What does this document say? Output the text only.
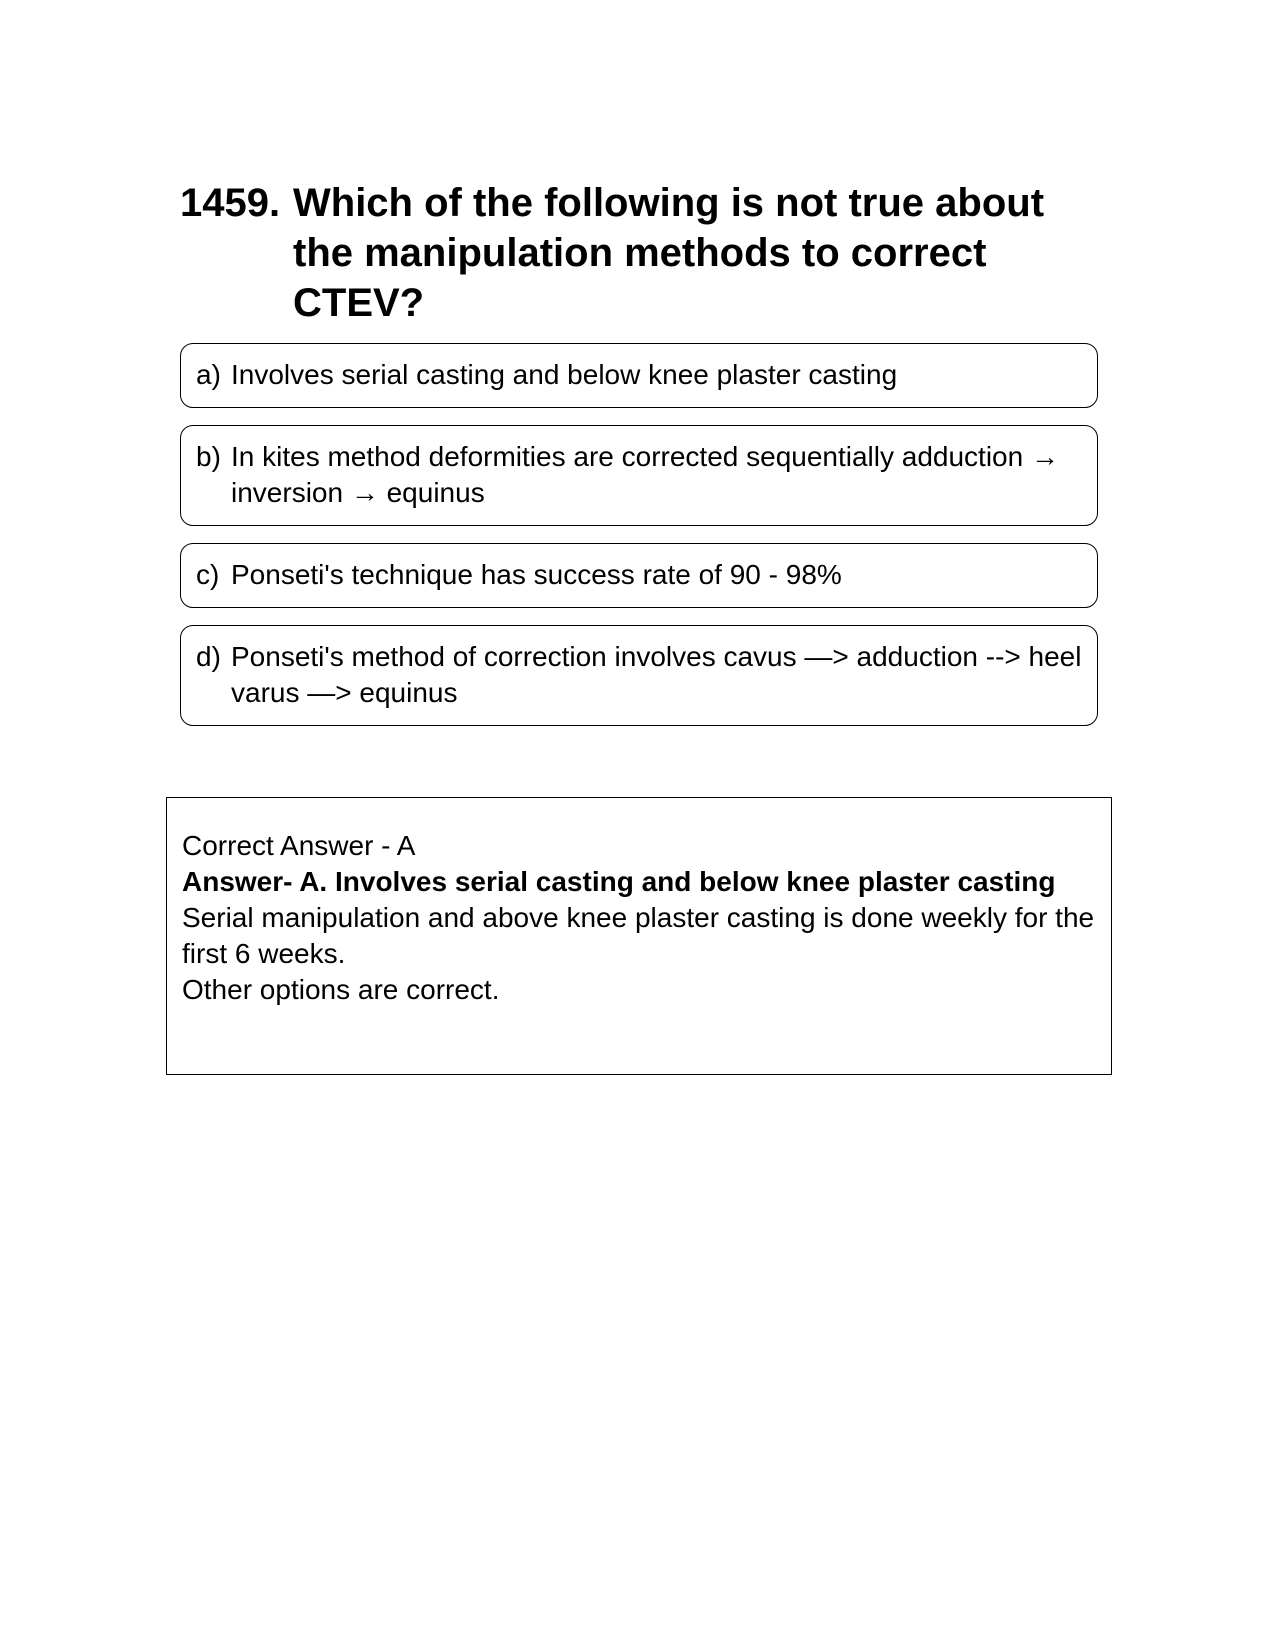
1459. Which of the following is not true about the manipulation methods to correct CTEV?
a) Involves serial casting and below knee plaster casting
b) In kites method deformities are corrected sequentially adduction → inversion → equinus
c) Ponseti's technique has success rate of 90 - 98%
d) Ponseti's method of correction involves cavus —> adduction --> heel varus —> equinus
Correct Answer - A
Answer- A. Involves serial casting and below knee plaster casting
Serial manipulation and above knee plaster casting is done weekly for the first 6 weeks.
Other options are correct.
